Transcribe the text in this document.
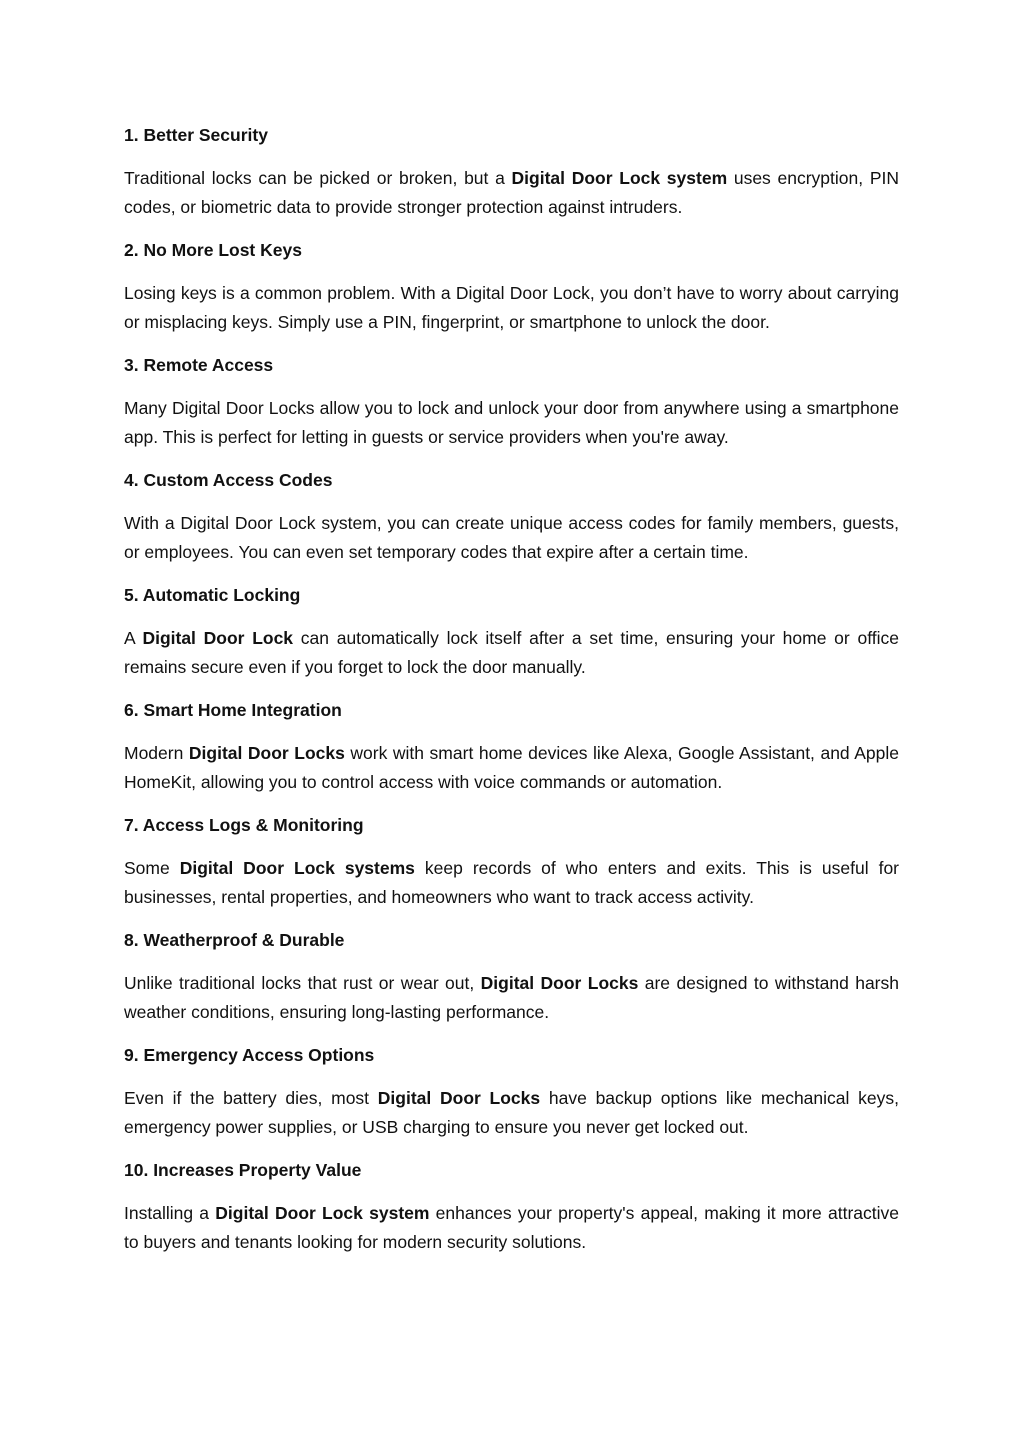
1. Better Security

Traditional locks can be picked or broken, but a Digital Door Lock system uses encryption, PIN codes, or biometric data to provide stronger protection against intruders.

2. No More Lost Keys

Losing keys is a common problem. With a Digital Door Lock, you don’t have to worry about carrying or misplacing keys. Simply use a PIN, fingerprint, or smartphone to unlock the door.

3. Remote Access

Many Digital Door Locks allow you to lock and unlock your door from anywhere using a smartphone app. This is perfect for letting in guests or service providers when you're away.

4. Custom Access Codes

With a Digital Door Lock system, you can create unique access codes for family members, guests, or employees. You can even set temporary codes that expire after a certain time.

5. Automatic Locking

A Digital Door Lock can automatically lock itself after a set time, ensuring your home or office remains secure even if you forget to lock the door manually.

6. Smart Home Integration

Modern Digital Door Locks work with smart home devices like Alexa, Google Assistant, and Apple HomeKit, allowing you to control access with voice commands or automation.

7. Access Logs & Monitoring

Some Digital Door Lock systems keep records of who enters and exits. This is useful for businesses, rental properties, and homeowners who want to track access activity.

8. Weatherproof & Durable

Unlike traditional locks that rust or wear out, Digital Door Locks are designed to withstand harsh weather conditions, ensuring long-lasting performance.

9. Emergency Access Options

Even if the battery dies, most Digital Door Locks have backup options like mechanical keys, emergency power supplies, or USB charging to ensure you never get locked out.

10. Increases Property Value

Installing a Digital Door Lock system enhances your property's appeal, making it more attractive to buyers and tenants looking for modern security solutions.
